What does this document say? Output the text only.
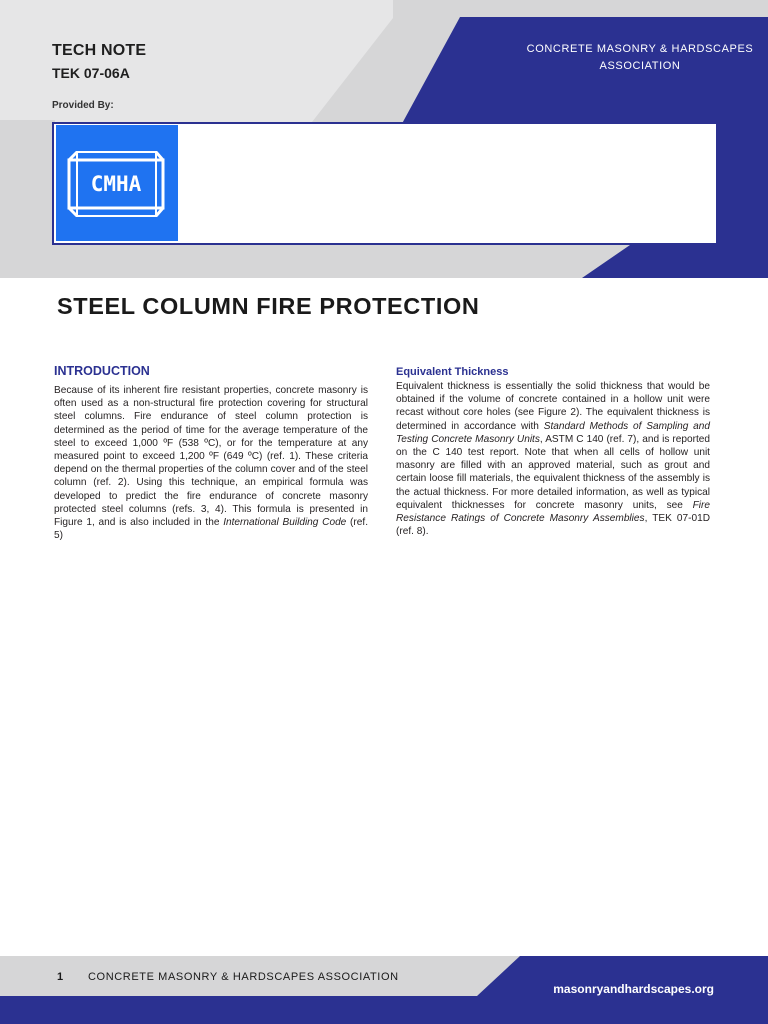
TECH NOTE
TEK 07-06A
Provided By:
CONCRETE MASONRY & HARDSCAPES ASSOCIATION
CMHA
STEEL COLUMN FIRE PROTECTION
INTRODUCTION

Because of its inherent fire resistant properties, concrete masonry is often used as a non-structural fire protection covering for structural steel columns. Fire endurance of steel column protection is determined as the period of time for the average temperature of the steel to exceed 1,000 ºF (538 ºC), or for the temperature at any measured point to exceed 1,200 ºF (649 ºC) (ref. 1). These criteria depend on the thermal properties of the column cover and of the steel column (ref. 2). Using this technique, an empirical formula was developed to predict the fire endurance of concrete masonry protected steel columns (refs. 3, 4). This formula is presented in Figure 1, and is also included in the International Building Code (ref. 5)

Equivalent Thickness

Equivalent thickness is essentially the solid thickness that would be obtained if the volume of concrete contained in a hollow unit were recast without core holes (see Figure 2). The equivalent thickness is determined in accordance with Standard Methods of Sampling and Testing Concrete Masonry Units, ASTM C 140 (ref. 7), and is reported on the C 140 test report. Note that when all cells of hollow unit masonry are filled with an approved material, such as grout and certain loose fill materials, the equivalent thickness of the assembly is the actual thickness. For more detailed information, as well as typical equivalent thicknesses for concrete masonry units, see Fire Resistance Ratings of Concrete Masonry Assemblies, TEK 07-01D (ref. 8).

1 CONCRETE MASONRY & HARDSCAPES ASSOCIATION
masonryandhardscapes.org
